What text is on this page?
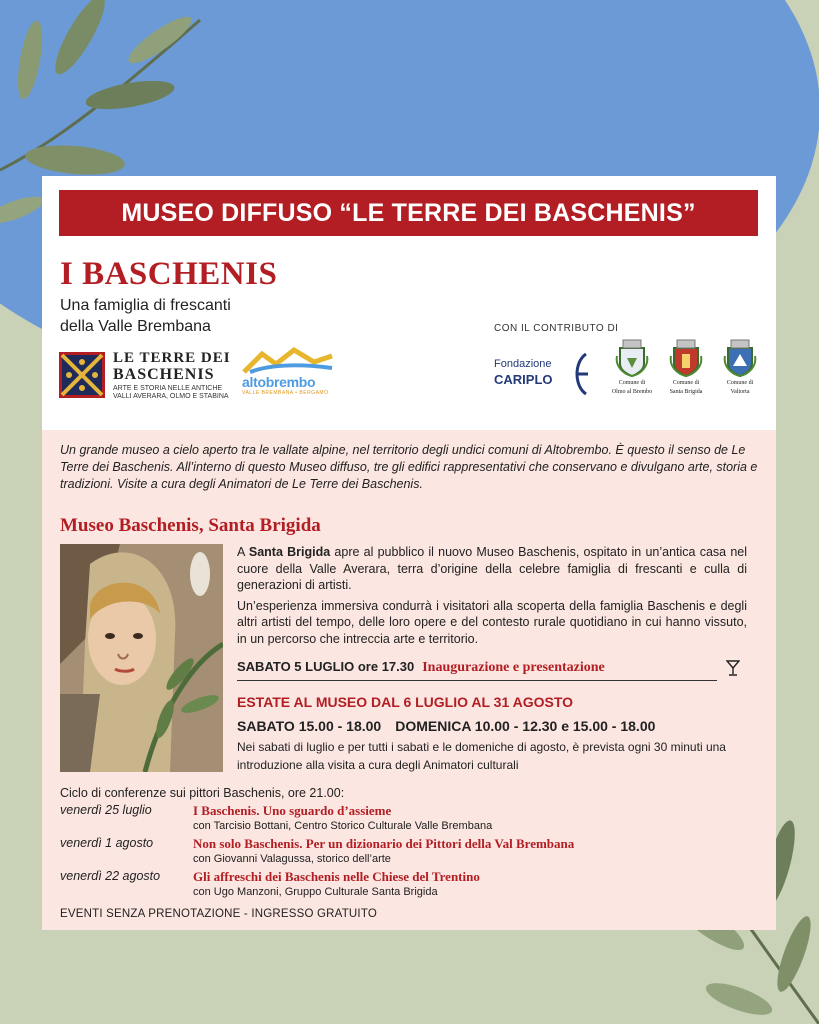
MUSEO DIFFUSO “LE TERRE DEI BASCHENIS”
I BASCHENIS
Una famiglia di frescanti
della Valle Brembana
LE TERRE DEI
BASCHENIS
ARTE E STORIA NELLE ANTICHE
VALLI AVERARA, OLMO E STABINA
altobrembo
VALLE BREMBANA • BERGAMO
CON IL CONTRIBUTO DI
Fondazione
CARIPLO	Comune di
Olmo al Brembo
Comune di
Santa Brigida
Comune di
Valtorta
Un grande museo a cielo aperto tra le vallate alpine, nel territorio degli undici comuni di Altobrembo. È questo il senso de Le Terre dei Baschenis. All’interno di questo Museo diffuso, tre gli edifici rappresentativi che conservano e divulgano arte, storia e tradizioni. Visite a cura degli Animatori de Le Terre dei Baschenis.
Museo Baschenis, Santa Brigida

A Santa Brigida apre al pubblico il nuovo Museo Baschenis, ospitato in un’antica casa nel cuore della Valle Averara, terra d’origine della celebre famiglia di frescanti e culla di generazioni di artisti.

Un’esperienza immersiva condurrà i visitatori alla scoperta della famiglia Baschenis e degli altri artisti del tempo, delle loro opere e del contesto rurale quotidiano in cui hanno vissuto, in un percorso che intreccia arte e territorio.

SABATO 5 LUGLIO ore 17.30 Inaugurazione e presentazione
ESTATE AL MUSEO DAL 6 LUGLIO AL 31 AGOSTO
SABATO 15.00 - 18.00 DOMENICA 10.00 - 12.30 e 15.00 - 18.00
Nei sabati di luglio e per tutti i sabati e le domeniche di agosto, è prevista ogni 30 minuti una introduzione alla visita a cura degli Animatori culturali
Ciclo di conferenze sui pittori Baschenis, ore 21.00:
venerdì 25 luglio	I Baschenis. Uno sguardo d’assieme
con Tarcisio Bottani, Centro Storico Culturale Valle Brembana
venerdì 1 agosto	Non solo Baschenis. Per un dizionario dei Pittori della Val Brembana
con Giovanni Valagussa, storico dell’arte
venerdì 22 agosto	Gli affreschi dei Baschenis nelle Chiese del Trentino
con Ugo Manzoni, Gruppo Culturale Santa Brigida
EVENTI SENZA PRENOTAZIONE - INGRESSO GRATUITO
